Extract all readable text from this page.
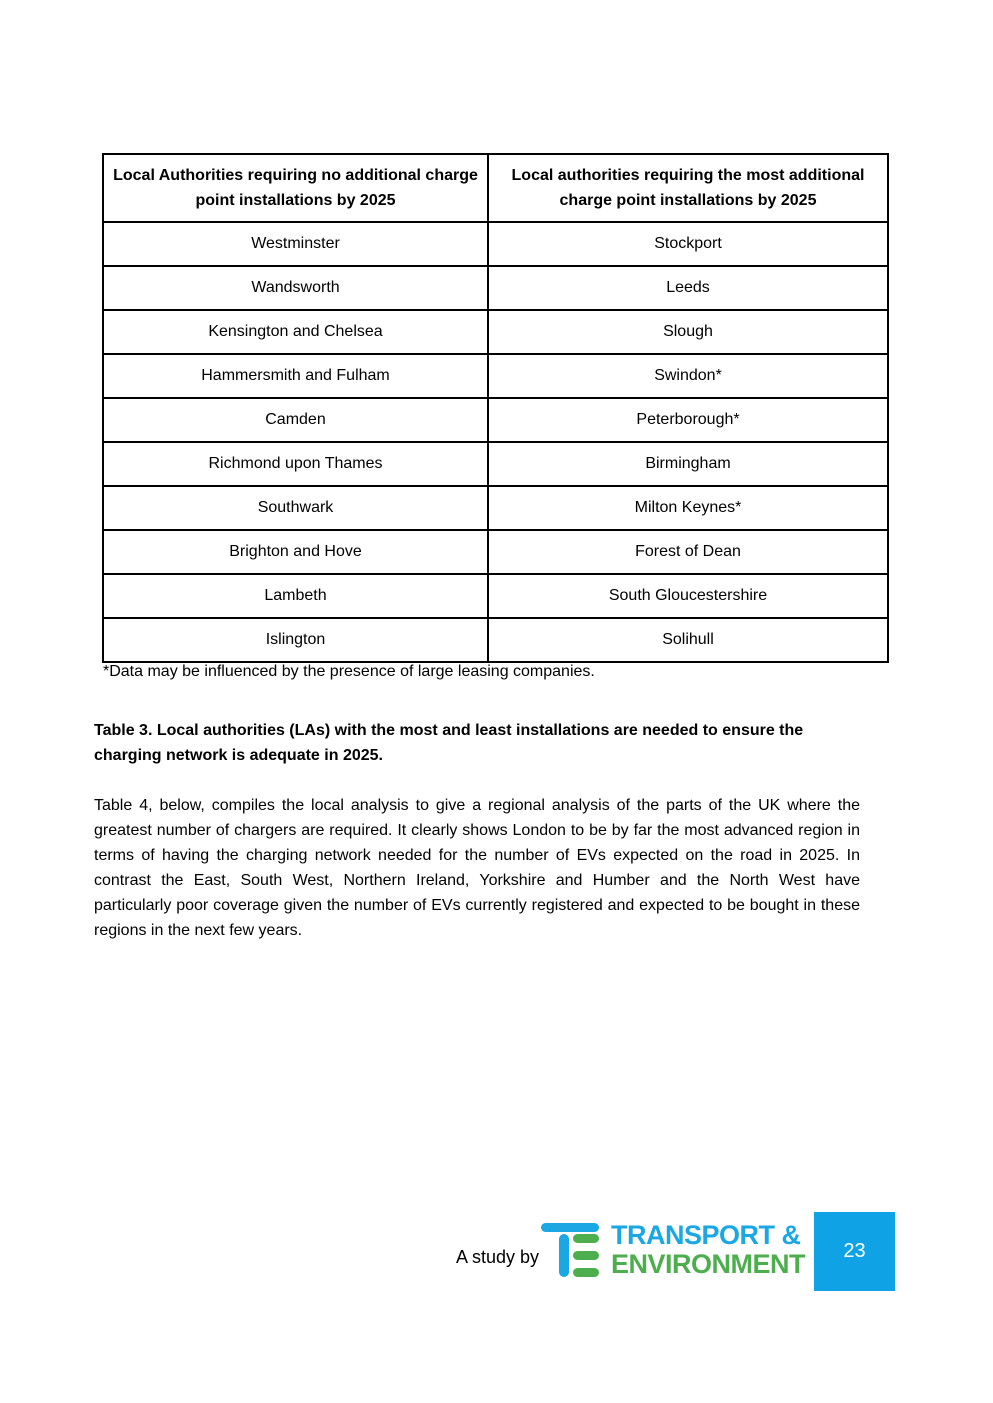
Local Authorities requiring no additional charge point installations by 2025	Local authorities requiring the most additional charge point installations by 2025
Westminster	Stockport
Wandsworth	Leeds
Kensington and Chelsea	Slough
Hammersmith and Fulham	Swindon*
Camden	Peterborough*
Richmond upon Thames	Birmingham
Southwark	Milton Keynes*
Brighton and Hove	Forest of Dean
Lambeth	South Gloucestershire
Islington	Solihull
*Data may be influenced by the presence of large leasing companies.
Table 3. Local authorities (LAs) with the most and least installations are needed to ensure the charging network is adequate in 2025.
Table 4, below, compiles the local analysis to give a regional analysis of the parts of the UK where the greatest number of chargers are required. It clearly shows London to be by far the most advanced region in terms of having the charging network needed for the number of EVs expected on the road in 2025. In contrast the East, South West, Northern Ireland, Yorkshire and Humber and the North West have particularly poor coverage given the number of EVs currently registered and expected to be bought in these regions in the next few years.
A study by
TRANSPORT &
ENVIRONMENT 23
